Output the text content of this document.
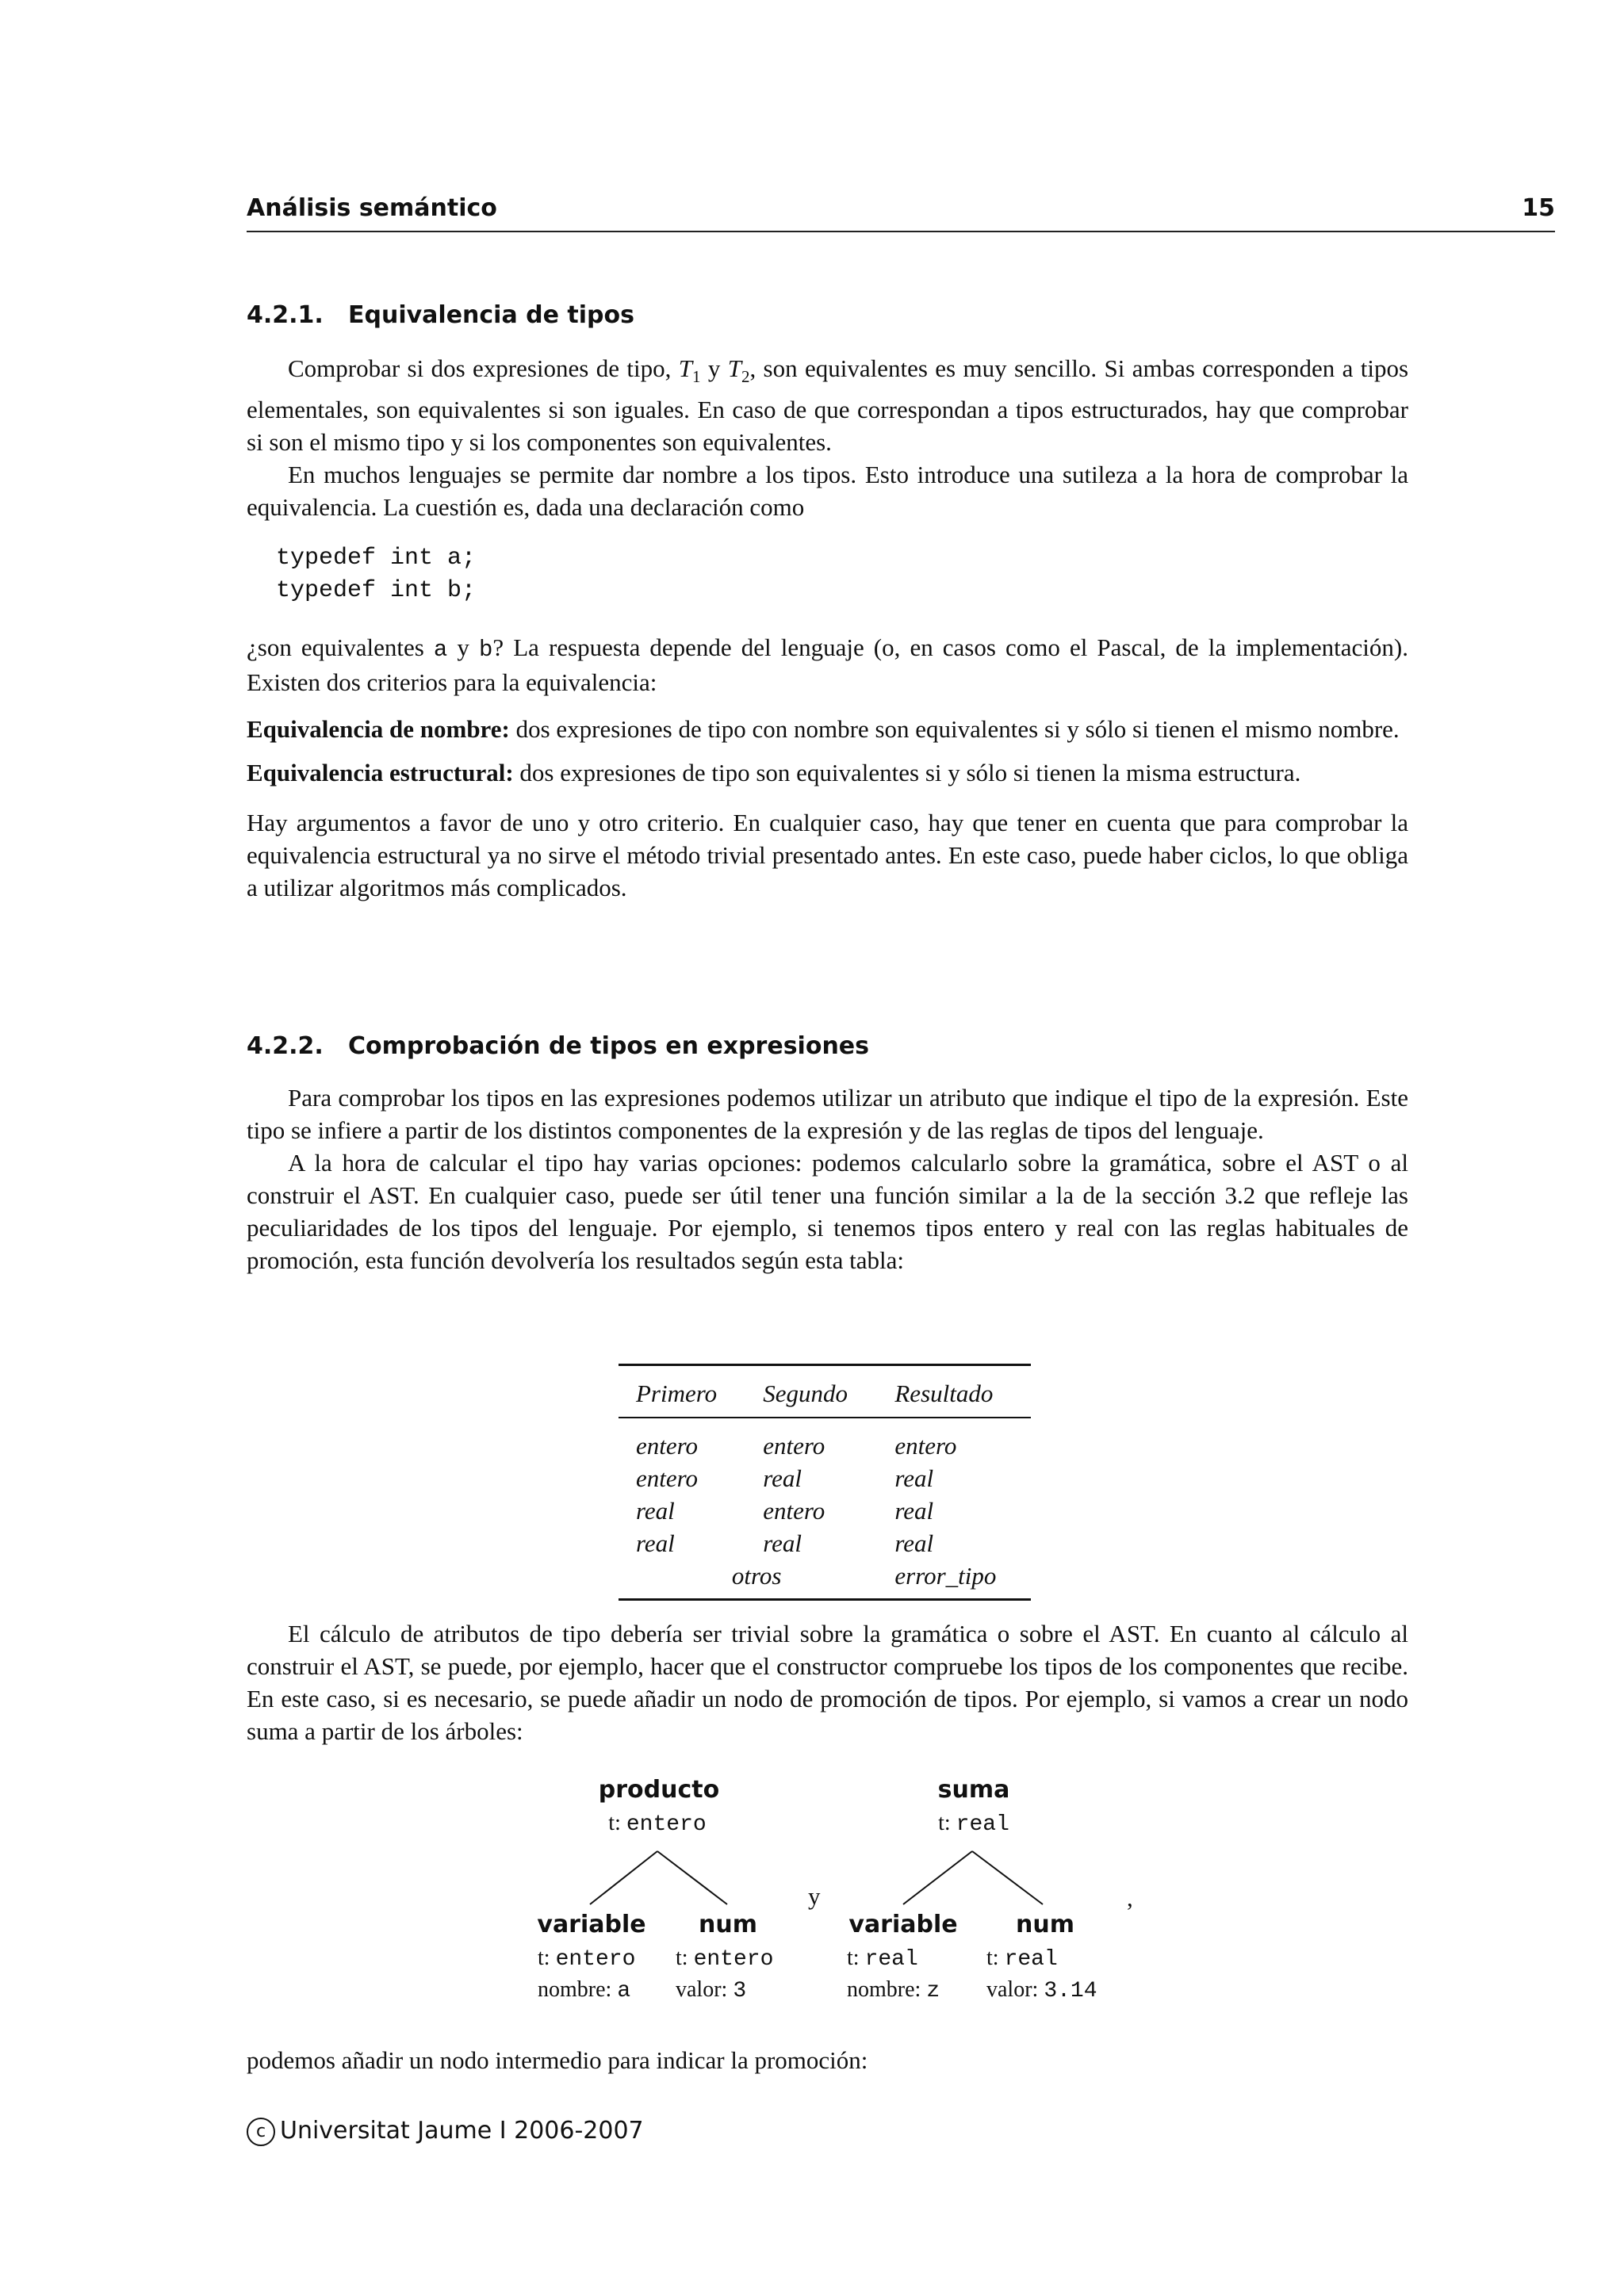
Análisis semántico	15
4.2.1. Equivalencia de tipos

Comprobar si dos expresiones de tipo, $T_1$ y $T_2$, son equivalentes es muy sencillo. Si ambas corresponden a tipos elementales, son equivalentes si son iguales. En caso de que correspondan a tipos estructurados, hay que comprobar si son el mismo tipo y si los componentes son equivalentes.

En muchos lenguajes se permite dar nombre a los tipos. Esto introduce una sutileza a la hora de comprobar la equivalencia. La cuestión es, dada una declaración como

typedef int a;
typedef int b;

¿son equivalentes a y b? La respuesta depende del lenguaje (o, en casos como el Pascal, de la implementación). Existen dos criterios para la equivalencia:

Equivalencia de nombre: dos expresiones de tipo con nombre son equivalentes si y sólo si tienen el mismo nombre.

Equivalencia estructural: dos expresiones de tipo son equivalentes si y sólo si tienen la misma estructura.

Hay argumentos a favor de uno y otro criterio. En cualquier caso, hay que tener en cuenta que para comprobar la equivalencia estructural ya no sirve el método trivial presentado antes. En este caso, puede haber ciclos, lo que obliga a utilizar algoritmos más complicados.

4.2.2. Comprobación de tipos en expresiones

Para comprobar los tipos en las expresiones podemos utilizar un atributo que indique el tipo de la expresión. Este tipo se infiere a partir de los distintos componentes de la expresión y de las reglas de tipos del lenguaje.

A la hora de calcular el tipo hay varias opciones: podemos calcularlo sobre la gramática, sobre el AST o al construir el AST. En cualquier caso, puede ser útil tener una función similar a la de la sección 3.2 que refleje las peculiaridades de los tipos del lenguaje. Por ejemplo, si tenemos tipos entero y real con las reglas habituales de promoción, esta función devolvería los resultados según esta tabla:

Primero	Segundo	Resultado
entero	entero	entero
entero	real	real
real	entero	real
real	real	real
otros		error_tipo

El cálculo de atributos de tipo debería ser trivial sobre la gramática o sobre el AST. En cuanto al cálculo al construir el AST, se puede, por ejemplo, hacer que el constructor compruebe los tipos de los componentes que recibe. En este caso, si es necesario, se puede añadir un nodo de promoción de tipos. Por ejemplo, si vamos a crear un nodo suma a partir de los árboles:

producto
t: entero
variable
t: entero
nombre: a
num
t: entero
valor: 3
y
suma
t: real
variable
t: real
nombre: z
num
t: real
valor: 3.14
,

podemos añadir un nodo intermedio para indicar la promoción:

c Universitat Jaume I 2006-2007
